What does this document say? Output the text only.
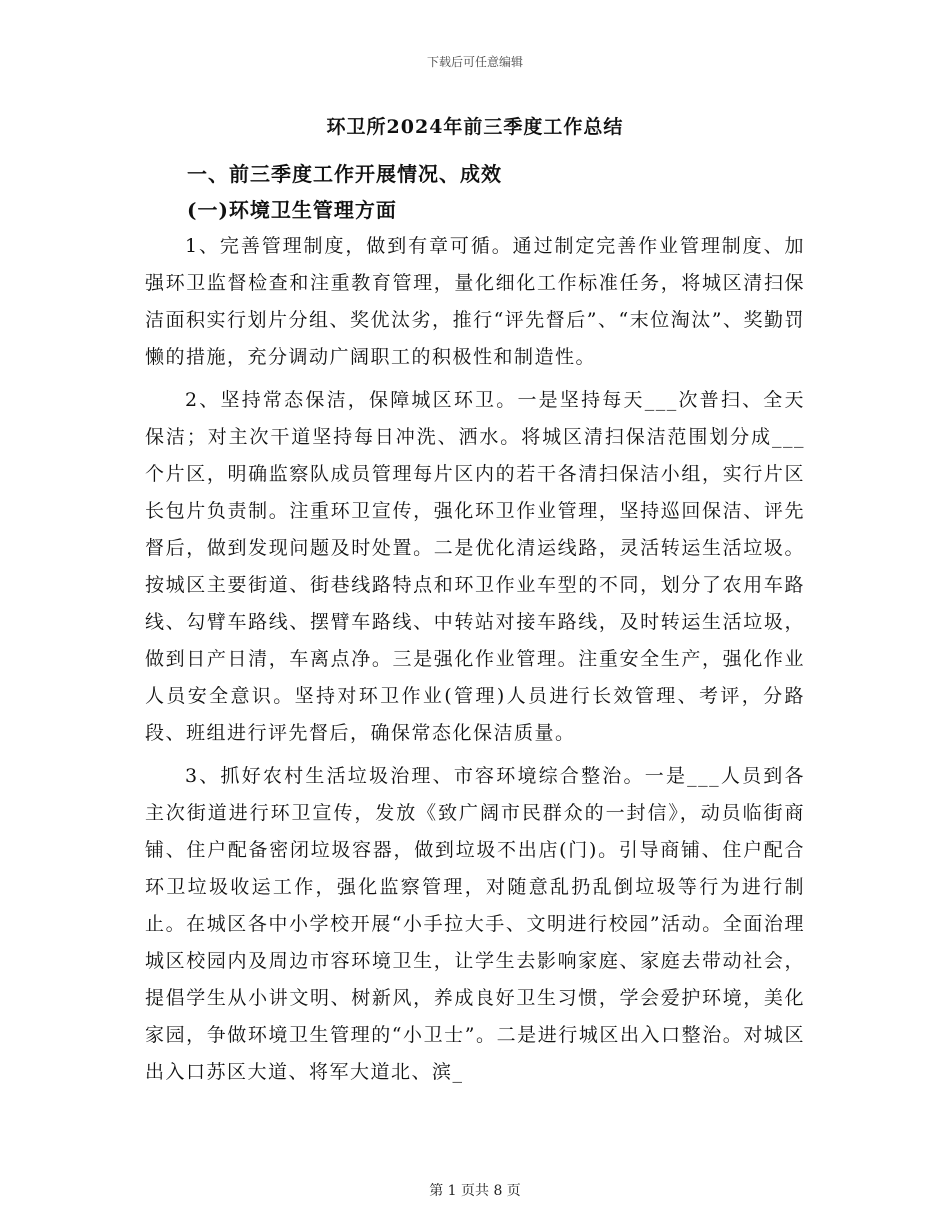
下载后可任意编辑
环卫所2024年前三季度工作总结
一、前三季度工作开展情况、成效
(一)环境卫生管理方面

1、完善管理制度，做到有章可循。通过制定完善作业管理制度、加强环卫监督检查和注重教育管理，量化细化工作标准任务，将城区清扫保洁面积实行划片分组、奖优汰劣，推行“评先督后”、“末位淘汰”、奖勤罚懒的措施，充分调动广阔职工的积极性和制造性。

2、坚持常态保洁，保障城区环卫。一是坚持每天___次普扫、全天保洁；对主次干道坚持每日冲洗、洒水。将城区清扫保洁范围划分成___个片区，明确监察队成员管理每片区内的若干各清扫保洁小组，实行片区长包片负责制。注重环卫宣传，强化环卫作业管理，坚持巡回保洁、评先督后，做到发现问题及时处置。二是优化清运线路，灵活转运生活垃圾。按城区主要街道、街巷线路特点和环卫作业车型的不同，划分了农用车路线、勾臂车路线、摆臂车路线、中转站对接车路线，及时转运生活垃圾，做到日产日清，车离点净。三是强化作业管理。注重安全生产，强化作业人员安全意识。坚持对环卫作业(管理)人员进行长效管理、考评，分路段、班组进行评先督后，确保常态化保洁质量。

3、抓好农村生活垃圾治理、市容环境综合整治。一是___人员到各主次街道进行环卫宣传，发放《致广阔市民群众的一封信》，动员临街商铺、住户配备密闭垃圾容器，做到垃圾不出店(门)。引导商铺、住户配合环卫垃圾收运工作，强化监察管理，对随意乱扔乱倒垃圾等行为进行制止。在城区各中小学校开展“小手拉大手、文明进行校园”活动。全面治理城区校园内及周边市容环境卫生，让学生去影响家庭、家庭去带动社会，提倡学生从小讲文明、树新风，养成良好卫生习惯，学会爱护环境，美化家园，争做环境卫生管理的“小卫士”。二是进行城区出入口整治。对城区出入口苏区大道、将军大道北、滨_

第 1 页共 8 页
